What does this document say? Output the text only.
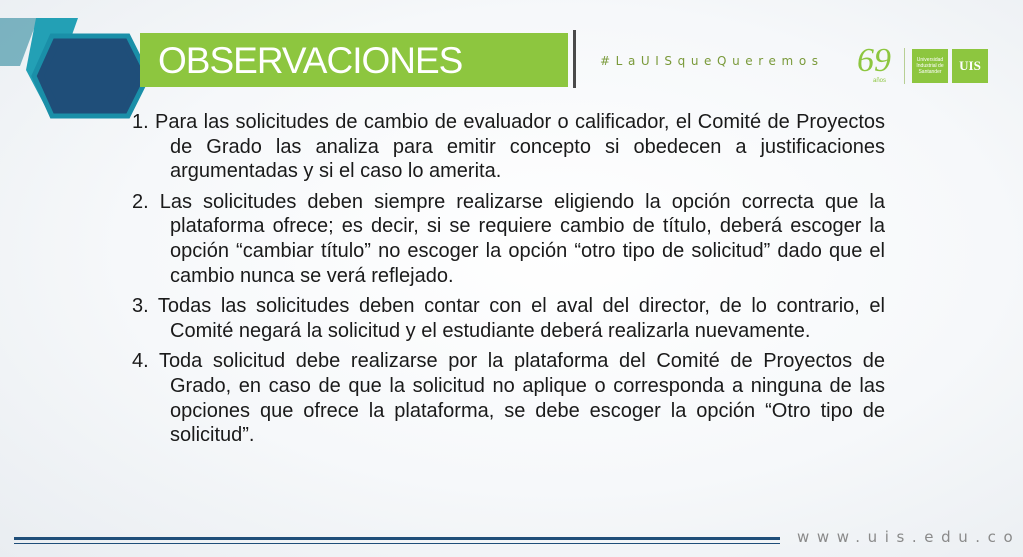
OBSERVACIONES	#LaUISqueQueremos 69
años
Universidad Industrial de Santander	UIS

1. Para las solicitudes de cambio de evaluador o calificador, el Comité de Proyectos de Grado las analiza para emitir concepto si obedecen a justificaciones argumentadas y si el caso lo amerita.

2. Las solicitudes deben siempre realizarse eligiendo la opción correcta que la plataforma ofrece; es decir, si se requiere cambio de título, deberá escoger la opción “cambiar título” no escoger la opción “otro tipo de solicitud” dado que el cambio nunca se verá reflejado.

3. Todas las solicitudes deben contar con el aval del director, de lo contrario, el Comité negará la solicitud y el estudiante deberá realizarla nuevamente.

4. Toda solicitud debe realizarse por la plataforma del Comité de Proyectos de Grado, en caso de que la solicitud no aplique o corresponda a ninguna de las opciones que ofrece la plataforma, se debe escoger la opción “Otro tipo de solicitud”.

www.uis.edu.co
